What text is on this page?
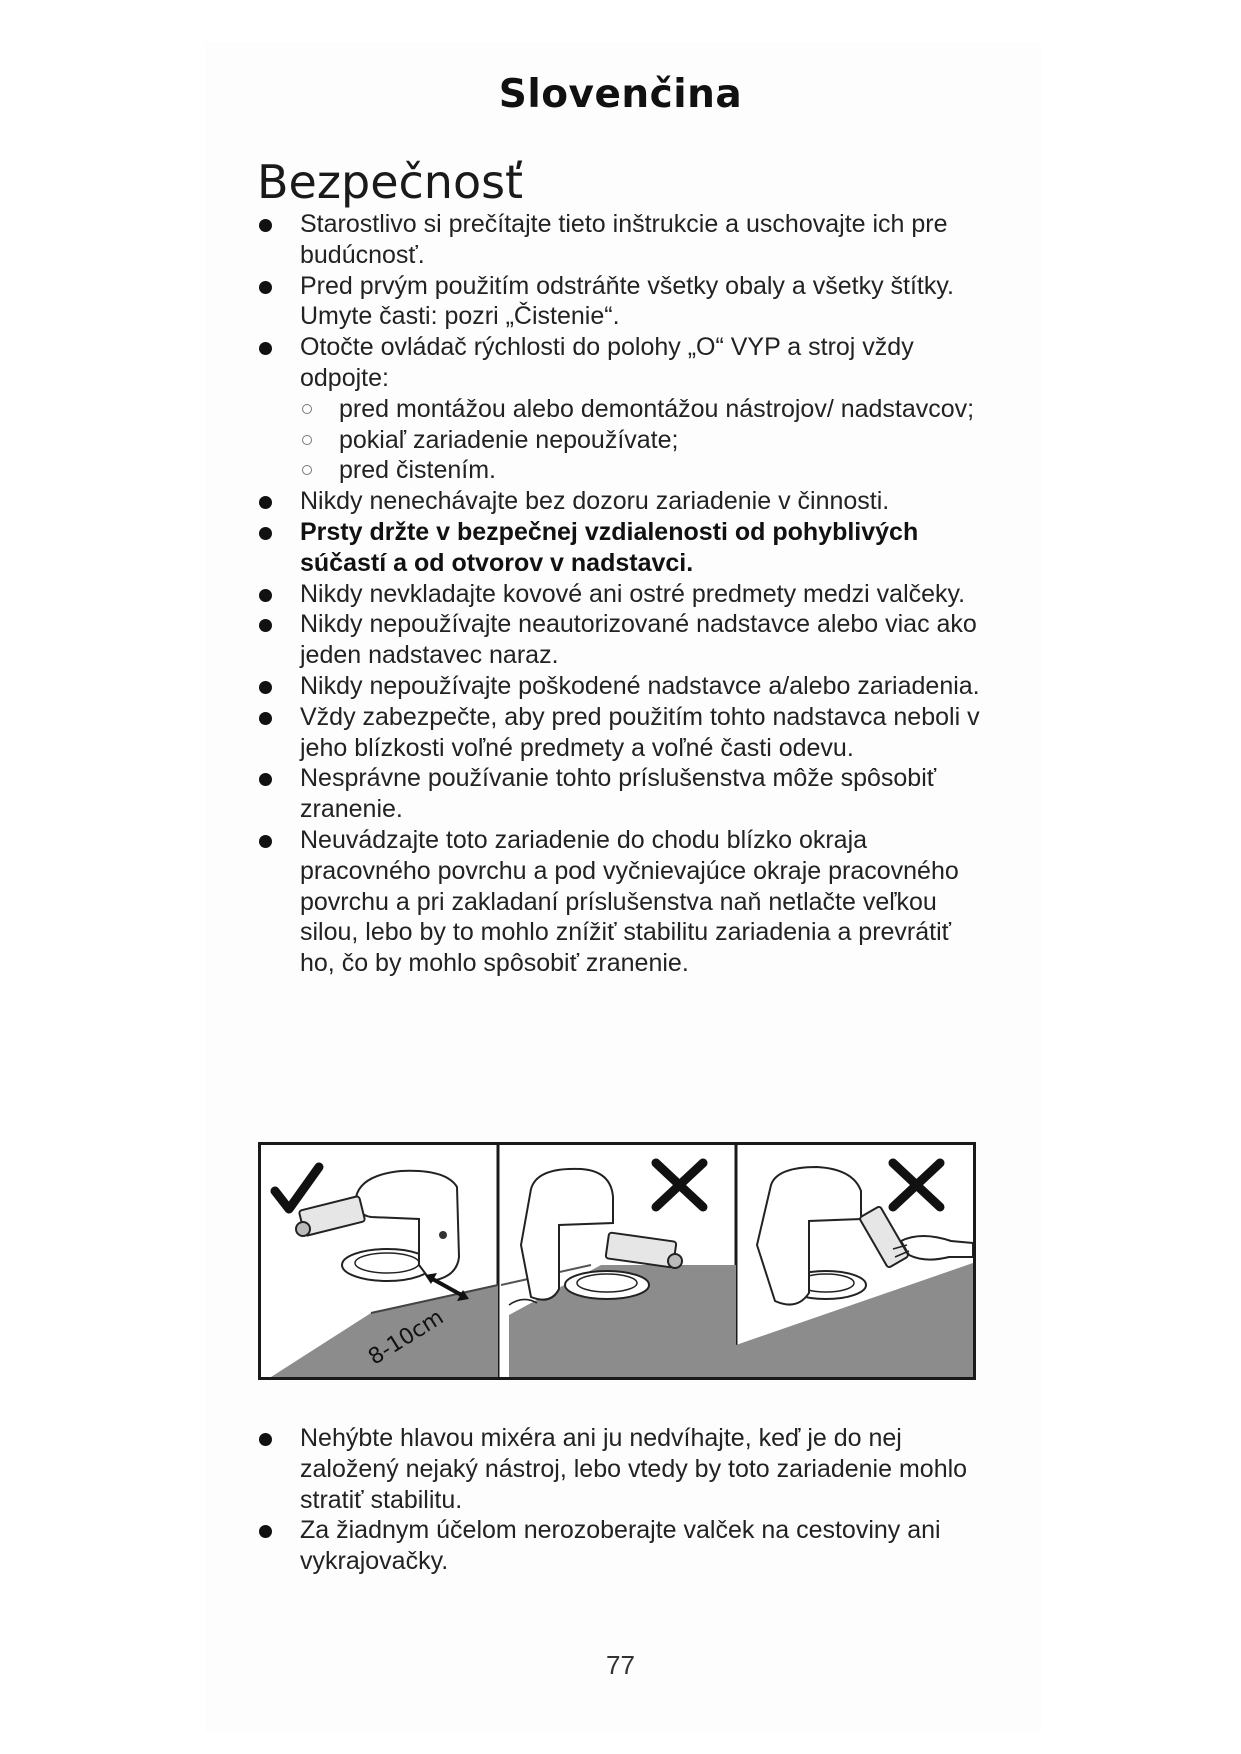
Slovenčina
Bezpečnosť
Starostlivo si prečítajte tieto inštrukcie a uschovajte ich pre budúcnosť.
Pred prvým použitím odstráňte všetky obaly a všetky štítky. Umyte časti: pozri „Čistenie“.
Otočte ovládač rýchlosti do polohy „O“ VYP a stroj vždy odpojte:
pred montážou alebo demontážou nástrojov/ nadstavcov;
pokiaľ zariadenie nepoužívate;
pred čistením.
Nikdy nenechávajte bez dozoru zariadenie v činnosti.
Prsty držte v bezpečnej vzdialenosti od pohyblivých súčastí a od otvorov v nadstavci.
Nikdy nevkladajte kovové ani ostré predmety medzi valčeky.
Nikdy nepoužívajte neautorizované nadstavce alebo viac ako jeden nadstavec naraz.
Nikdy nepoužívajte poškodené nadstavce a/alebo zariadenia.
Vždy zabezpečte, aby pred použitím tohto nadstavca neboli v jeho blízkosti voľné predmety a voľné časti odevu.
Nesprávne používanie tohto príslušenstva môže spôsobiť zranenie.
Neuvádzajte toto zariadenie do chodu blízko okraja pracovného povrchu a pod vyčnievajúce okraje pracovného povrchu a pri zakladaní príslušenstva naň netlačte veľkou silou, lebo by to mohlo znížiť stabilitu zariadenia a prevrátiť ho, čo by mohlo spôsobiť zranenie.
8-10cm
Nehýbte hlavou mixéra ani ju nedvíhajte, keď je do nej založený nejaký nástroj, lebo vtedy by toto zariadenie mohlo stratiť stabilitu.
Za žiadnym účelom nerozoberajte valček na cestoviny ani vykrajovačky.
77
